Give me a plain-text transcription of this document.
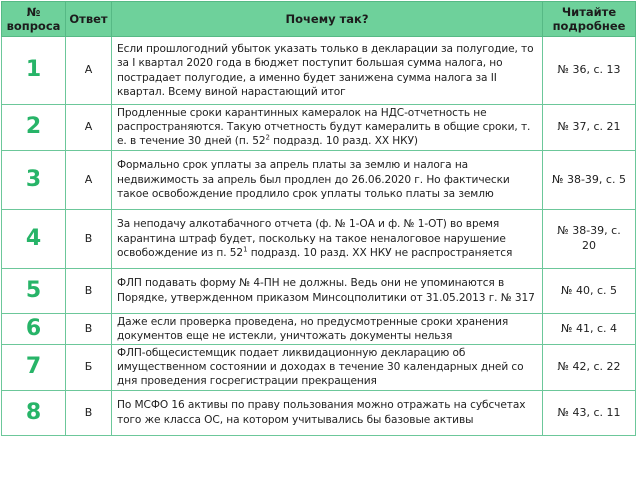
№ вопроса	Ответ	Почему так?	Читайте подробнее
1	А	Если прошлогодний убыток указать только в декларации за полугодие, то за I квартал 2020 года в бюджет поступит большая сумма налога, но пострадает полугодие, а именно будет занижена сумма налога за II квартал. Всему виной нарастающий итог	№ 36, с. 13
2	А	Продленные сроки карантинных камералок на НДС-отчетность не распространяются. Такую отчетность будут камералить в общие сроки, т. е. в течение 30 дней (п. $52^2$ подразд. 10 разд. XX НКУ)	№ 37, с. 21
3	А	Формально срок уплаты за апрель платы за землю и налога на недвижимость за апрель был продлен до 26.06.2020 г. Но фактически такое освобождение продлило срок уплаты только платы за землю	№ 38-39, с. 5
4	В	За неподачу алкотабачного отчета (ф. № 1-ОА и ф. № 1-ОТ) во время карантина штраф будет, поскольку на такое неналоговое нарушение освобождение из п. $52^1$ подразд. 10 разд. XX НКУ не распространяется	№ 38-39, с. 20
5	В	ФЛП подавать форму № 4-ПН не должны. Ведь они не упоминаются в Порядке, утвержденном приказом Минсоцполитики от 31.05.2013 г. № 317	№ 40, с. 5
6	В	Даже если проверка проведена, но предусмотренные сроки хранения документов еще не истекли, уничтожать документы нельзя	№ 41, с. 4
7	Б	ФЛП-общесистемщик подает ликвидационную декларацию об имущественном состоянии и доходах в течение 30 календарных дней со дня проведения госрегистрации прекращения	№ 42, с. 22
8	В	По МСФО 16 активы по праву пользования можно отражать на субсчетах того же класса ОС, на котором учитывались бы базовые активы	№ 43, с. 11
